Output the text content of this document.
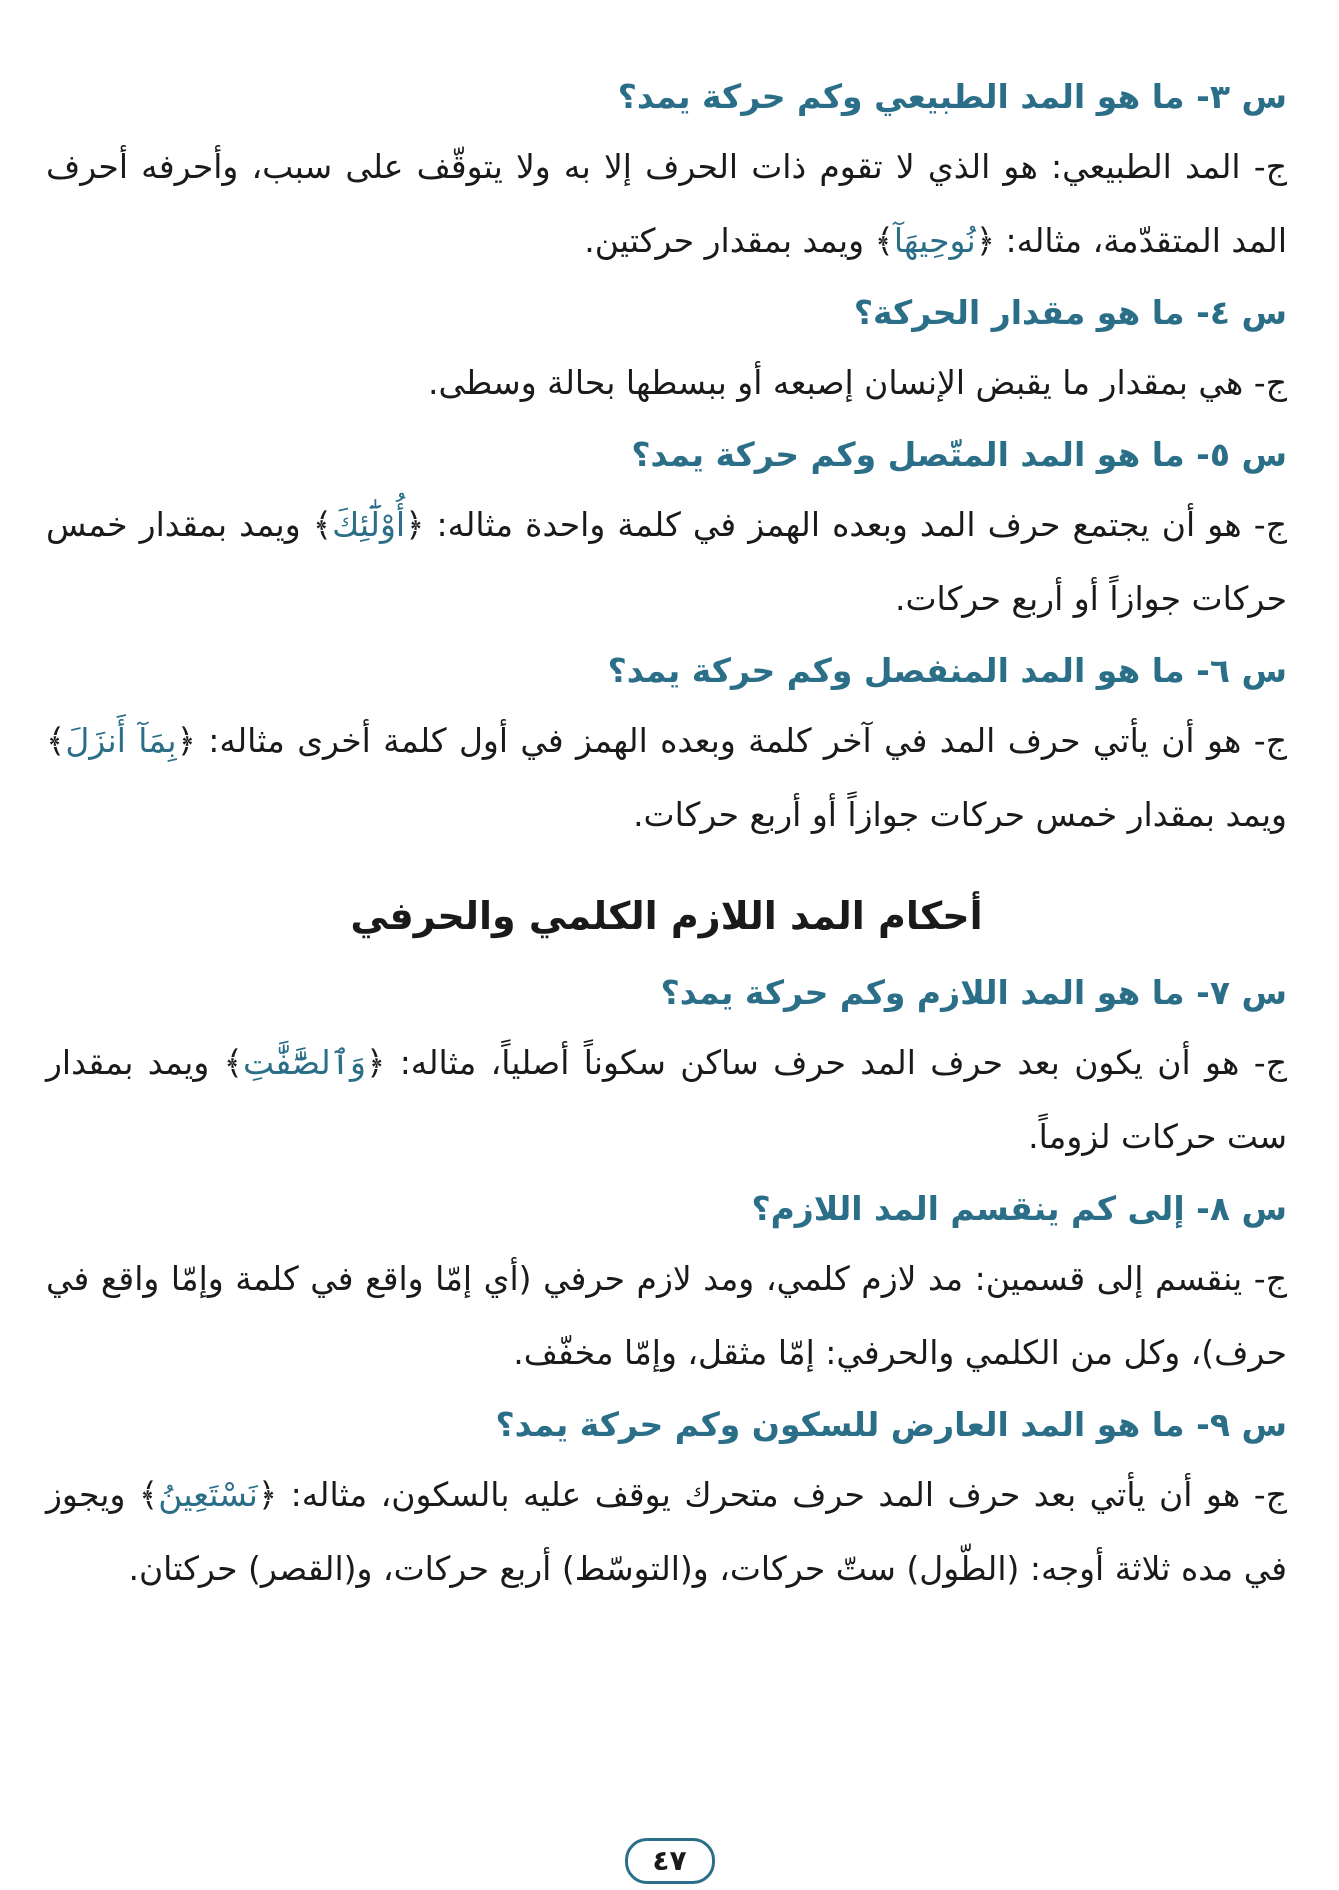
س ٣- ما هو المد الطبيعي وكم حركة يمد؟
ج- المد الطبيعي: هو الذي لا تقوم ذات الحرف إلا به ولا يتوقّف على سبب، وأحرفه أحرف المد المتقدّمة، مثاله: ﴿نُوحِيهَآ﴾ ويمد بمقدار حركتين.
س ٤- ما هو مقدار الحركة؟
ج- هي بمقدار ما يقبض الإنسان إصبعه أو ببسطها بحالة وسطى.
س ٥- ما هو المد المتّصل وكم حركة يمد؟
ج- هو أن يجتمع حرف المد وبعده الهمز في كلمة واحدة مثاله: ﴿أُوْلَٰٓئِكَ﴾ ويمد بمقدار خمس حركات جوازاً أو أربع حركات.
س ٦- ما هو المد المنفصل وكم حركة يمد؟
ج- هو أن يأتي حرف المد في آخر كلمة وبعده الهمز في أول كلمة أخرى مثاله: ﴿بِمَآ أَنزَلَ﴾ ويمد بمقدار خمس حركات جوازاً أو أربع حركات.
أحكام المد اللازم الكلمي والحرفي
س ٧- ما هو المد اللازم وكم حركة يمد؟
ج- هو أن يكون بعد حرف المد حرف ساكن سكوناً أصلياً، مثاله: ﴿وَٱلصَّٰٓفَّٰتِ﴾ ويمد بمقدار ست حركات لزوماً.
س ٨- إلى كم ينقسم المد اللازم؟
ج- ينقسم إلى قسمين: مد لازم كلمي، ومد لازم حرفي (أي إمّا واقع في كلمة وإمّا واقع في حرف)، وكل من الكلمي والحرفي: إمّا مثقل، وإمّا مخفّف.
س ٩- ما هو المد العارض للسكون وكم حركة يمد؟
ج- هو أن يأتي بعد حرف المد حرف متحرك يوقف عليه بالسكون، مثاله: ﴿نَسْتَعِينُ﴾ ويجوز في مده ثلاثة أوجه: (الطّول) ستّ حركات، و(التوسّط) أربع حركات، و(القصر) حركتان.
٤٧
